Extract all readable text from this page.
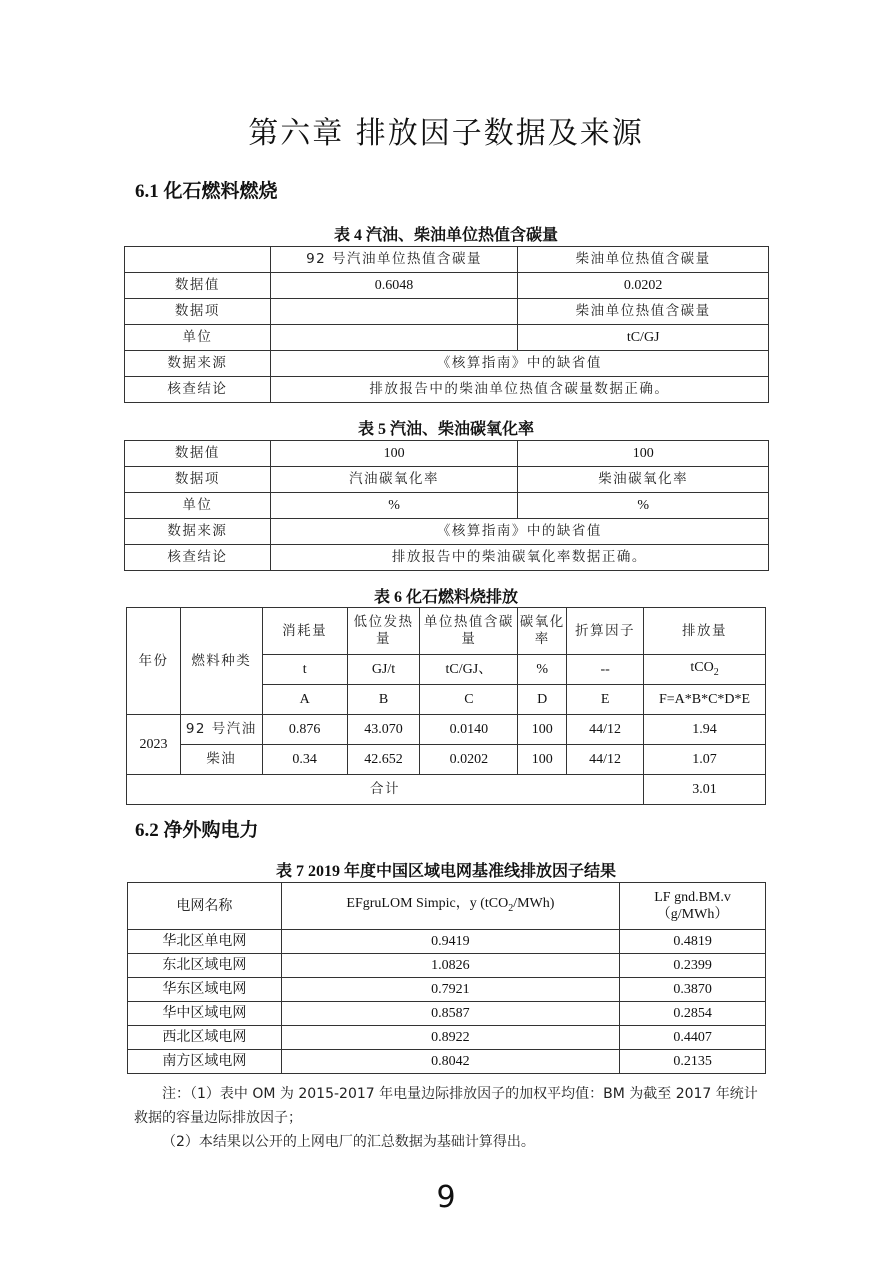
第六章 排放因子数据及来源
6.1 化石燃料燃烧
表 4 汽油、柴油单位热值含碳量
	92 号汽油单位热值含碳量	柴油单位热值含碳量
数据值	0.6048	0.0202
数据项		柴油单位热值含碳量
单位		tC/GJ
数据来源	《核算指南》中的缺省值	
核查结论	排放报告中的柴油单位热值含碳量数据正确。	
表 5 汽油、柴油碳氧化率
数据值	100	100
数据项	汽油碳氧化率	柴油碳氧化率
单位	%	%
数据来源	《核算指南》中的缺省值	
核查结论	排放报告中的柴油碳氧化率数据正确。	
表 6 化石燃料烧排放
年份	燃料种类	消耗量	低位发热量	单位热值含碳量	碳氧化率	折算因子	排放量
		t	GJ/t	tC/GJ、	%	--	tCO$_2$
		A	B	C	D	E	F=A*B*C*D*E
2023	92 号汽油	0.876	43.070	0.0140	100	44/12	1.94
	柴油	0.34	42.652	0.0202	100	44/12	1.07
合计							3.01
6.2 净外购电力
表 7 2019 年度中国区域电网基准线排放因子结果
电网名称	EFgruLOM Simpic，y (tCO$_2$/MWh)	LF gnd.BM.v
（g/MWh）

华北区单电网	0.9419	0.4819
东北区域电网	1.0826	0.2399
华东区域电网	0.7921	0.3870
华中区域电网	0.8587	0.2854
西北区域电网	0.8922	0.4407
南方区域电网	0.8042	0.2135

注：（1）表中 OM 为 2015-2017 年电量边际排放因子的加权平均值：BM 为截至 2017 年统计救据的容量边际排放因子；

（2）本结果以公开的上网电厂的汇总数据为基础计算得出。

9
